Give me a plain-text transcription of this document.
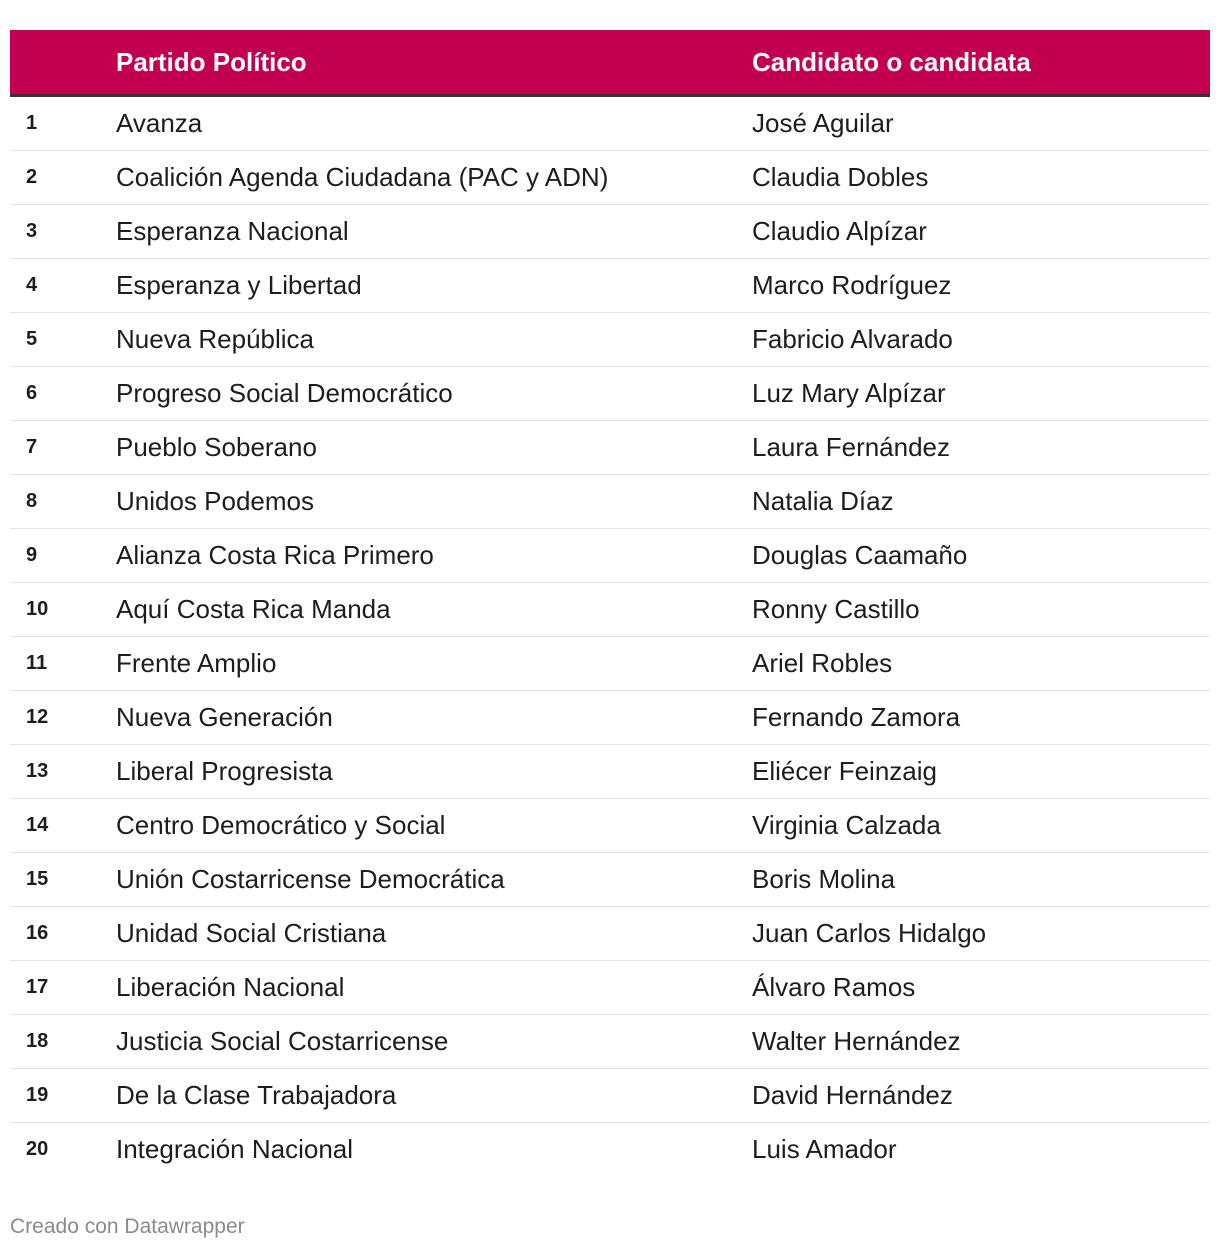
	Partido Político	Candidato o candidata
1	Avanza	José Aguilar
2	Coalición Agenda Ciudadana (PAC y ADN)	Claudia Dobles
3	Esperanza Nacional	Claudio Alpízar
4	Esperanza y Libertad	Marco Rodríguez
5	Nueva República	Fabricio Alvarado
6	Progreso Social Democrático	Luz Mary Alpízar
7	Pueblo Soberano	Laura Fernández
8	Unidos Podemos	Natalia Díaz
9	Alianza Costa Rica Primero	Douglas Caamaño
10	Aquí Costa Rica Manda	Ronny Castillo
11	Frente Amplio	Ariel Robles
12	Nueva Generación	Fernando Zamora
13	Liberal Progresista	Eliécer Feinzaig
14	Centro Democrático y Social	Virginia Calzada
15	Unión Costarricense Democrática	Boris Molina
16	Unidad Social Cristiana	Juan Carlos Hidalgo
17	Liberación Nacional	Álvaro Ramos
18	Justicia Social Costarricense	Walter Hernández
19	De la Clase Trabajadora	David Hernández
20	Integración Nacional	Luis Amador
Creado con Datawrapper
